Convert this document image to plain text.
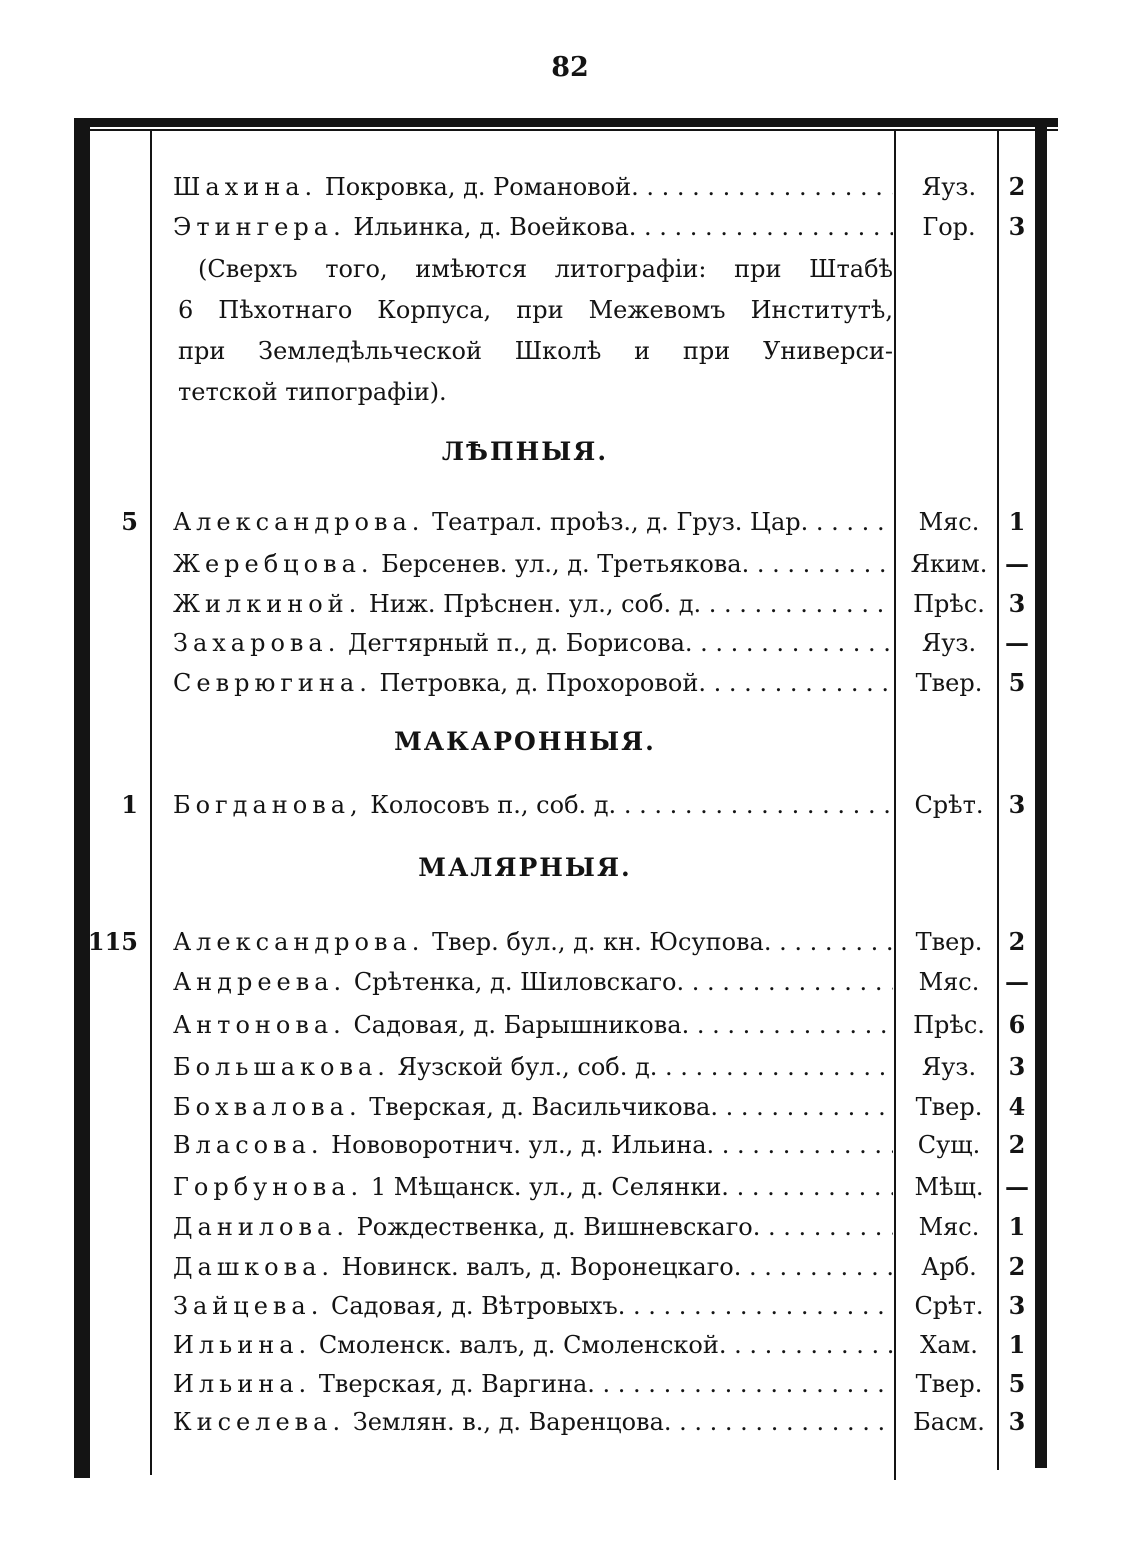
82
Шахина. Покровка, д. Романовой. . . .	Яуз.	2
Этингера. Ильинка, д. Воейкова. . . .	Гор.	3
(Сверхъ того, имѣются литографіи: при Штабѣ
6 Пѣхотнаго Корпуса, при Межевомъ Институтѣ,
при Земледѣльческой Школѣ и при Универси-
тетской типографіи).
ЛѢПНЫЯ.
5 Александрова. Театрал. проѣз., д. Груз. Цар. . . .	Мяс.	1
Жеребцова. Берсенев. ул., д. Третьякова. . . .	Яким. —
Жилкиной. Ниж. Прѣснен. ул., соб. д. . . .	Прѣс. 3
Захарова. Дегтярный п., д. Борисова. . . .	Яуз.	—
Севрюгина. Петровка, д. Прохоровой. . . .	Твер.	5
МАКАРОННЫЯ.
1 Богданова, Колосовъ п., соб. д. . . .	Срѣт.	3
МАЛЯРНЫЯ.
115 Александрова. Твер. бул., д. кн. Юсупова. . . .	Твер.	2
Андреева. Срѣтенка, д. Шиловскаго. . . .	Мяс.	—
Антонова. Садовая, д. Барышникова. . . .	Прѣс. 6
Большакова. Яузской бул., соб. д. . . .	Яуз.	3
Бохвалова. Тверская, д. Васильчикова. . . .	Твер.	4
Власова. Нововоротнич. ул., д. Ильина. . . .	Сущ.	2
Горбунова. 1 Мѣщанск. ул., д. Селянки. . . .	Мѣщ. —
Данилова. Рождественка, д. Вишневскаго. . . .	Мяс.	1
Дашкова. Новинск. валъ, д. Воронецкаго. . . .	Арб.	2
Зайцева. Садовая, д. Вѣтровыхъ. . . .	Срѣт.	3
Ильина. Смоленск. валъ, д. Смоленской. . . .	Хам.	1
Ильина. Тверская, д. Варгина. . . .	Твер.	5
Киселева. Землян. в., д. Варенцова. . . .	Басм. 3
